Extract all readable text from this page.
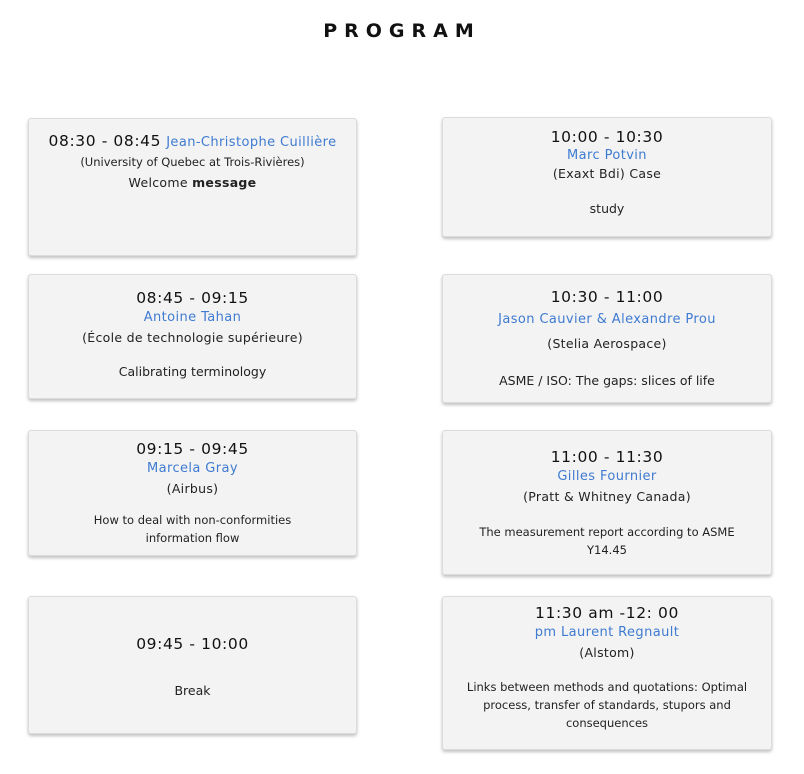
PROGRAM
08:30 - 08:45 Jean-Christophe Cuillière
(University of Quebec at Trois-Rivières)
Welcome message
08:45 - 09:15
Antoine Tahan
(École de technologie supérieure)
Calibrating terminology
09:15 - 09:45
Marcela Gray
(Airbus)
How to deal with non-conformities
information flow
09:45 - 10:00
Break
10:00 - 10:30
Marc Potvin
(Exaxt Bdi) Case
study
10:30 - 11:00
Jason Cauvier & Alexandre Prou
(Stelia Aerospace)
ASME / ISO: The gaps: slices of life
11:00 - 11:30
Gilles Fournier
(Pratt & Whitney Canada)
The measurement report according to ASME
Y14.45
11:30 am -12: 00
pm Laurent Regnault
(Alstom)
Links between methods and quotations: Optimal
process, transfer of standards, stupors and
consequences
